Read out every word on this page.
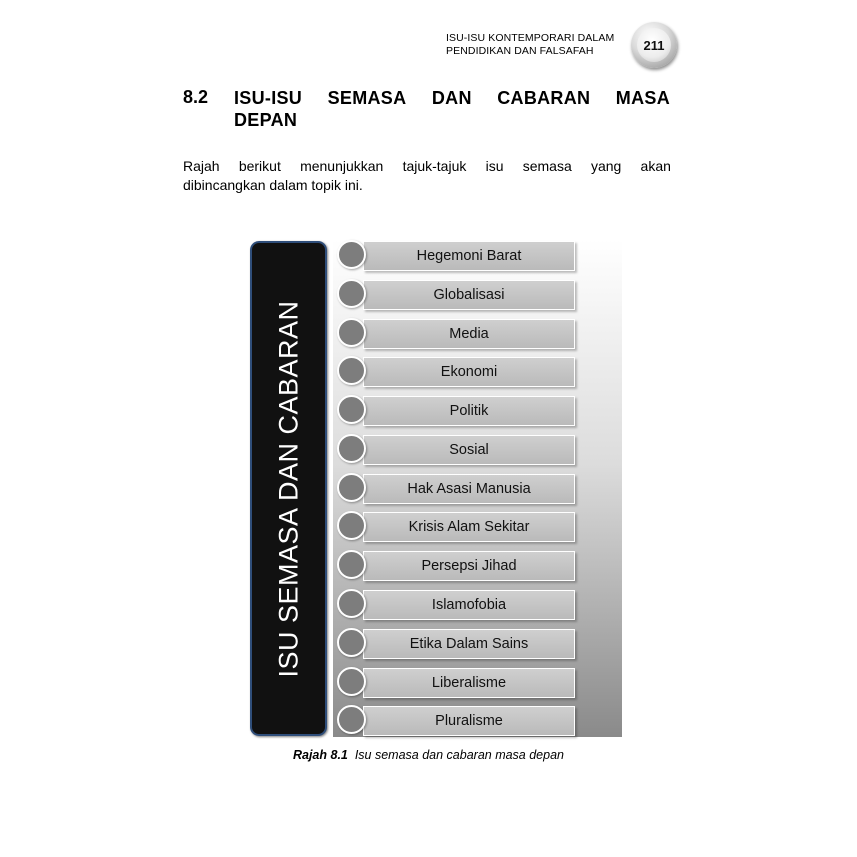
ISU-ISU KONTEMPORARI DALAM
PENDIDIKAN DAN FALSAFAH	211
8.2 ISU-ISU SEMASA DAN CABARAN MASA
DEPAN
Rajah berikut menunjukkan tajuk-tajuk isu semasa yang akan
dibincangkan dalam topik ini.
ISU SEMASA DAN CABARAN
Hegemoni Barat
Globalisasi
Media
Ekonomi
Politik
Sosial
Hak Asasi Manusia
Krisis Alam Sekitar
Persepsi Jihad
Islamofobia
Etika Dalam Sains
Liberalisme
Pluralisme
Rajah 8.1 Isu semasa dan cabaran masa depan
